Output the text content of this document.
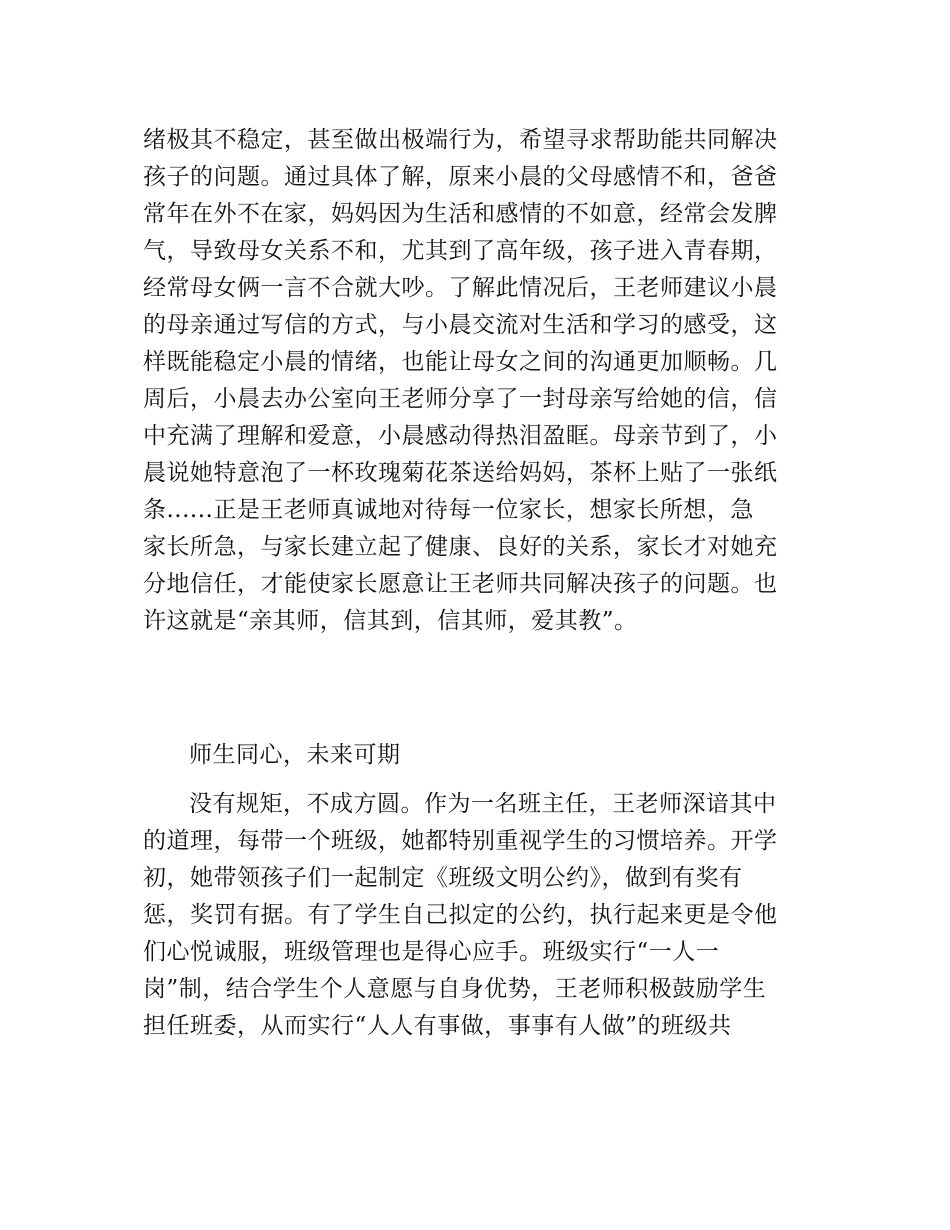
绪极其不稳定，甚至做出极端行为，希望寻求帮助能共同解决
孩子的问题。通过具体了解，原来小晨的父母感情不和，爸爸
常年在外不在家，妈妈因为生活和感情的不如意，经常会发脾
气，导致母女关系不和，尤其到了高年级，孩子进入青春期，
经常母女俩一言不合就大吵。了解此情况后，王老师建议小晨
的母亲通过写信的方式，与小晨交流对生活和学习的感受，这
样既能稳定小晨的情绪，也能让母女之间的沟通更加顺畅。几
周后，小晨去办公室向王老师分享了一封母亲写给她的信，信
中充满了理解和爱意，小晨感动得热泪盈眶。母亲节到了，小
晨说她特意泡了一杯玫瑰菊花茶送给妈妈，茶杯上贴了一张纸
条......正是王老师真诚地对待每一位家长，想家长所想，急
家长所急，与家长建立起了健康、良好的关系，家长才对她充
分地信任，才能使家长愿意让王老师共同解决孩子的问题。也
许这就是“亲其师，信其到，信其师，爱其教”。
师生同心，未来可期
没有规矩，不成方圆。作为一名班主任，王老师深谙其中
的道理，每带一个班级，她都特别重视学生的习惯培养。开学
初，她带领孩子们一起制定《班级文明公约》，做到有奖有
惩，奖罚有据。有了学生自己拟定的公约，执行起来更是令他
们心悦诚服，班级管理也是得心应手。班级实行“一人一
岗”制，结合学生个人意愿与自身优势，王老师积极鼓励学生
担任班委，从而实行“人人有事做，事事有人做”的班级共
